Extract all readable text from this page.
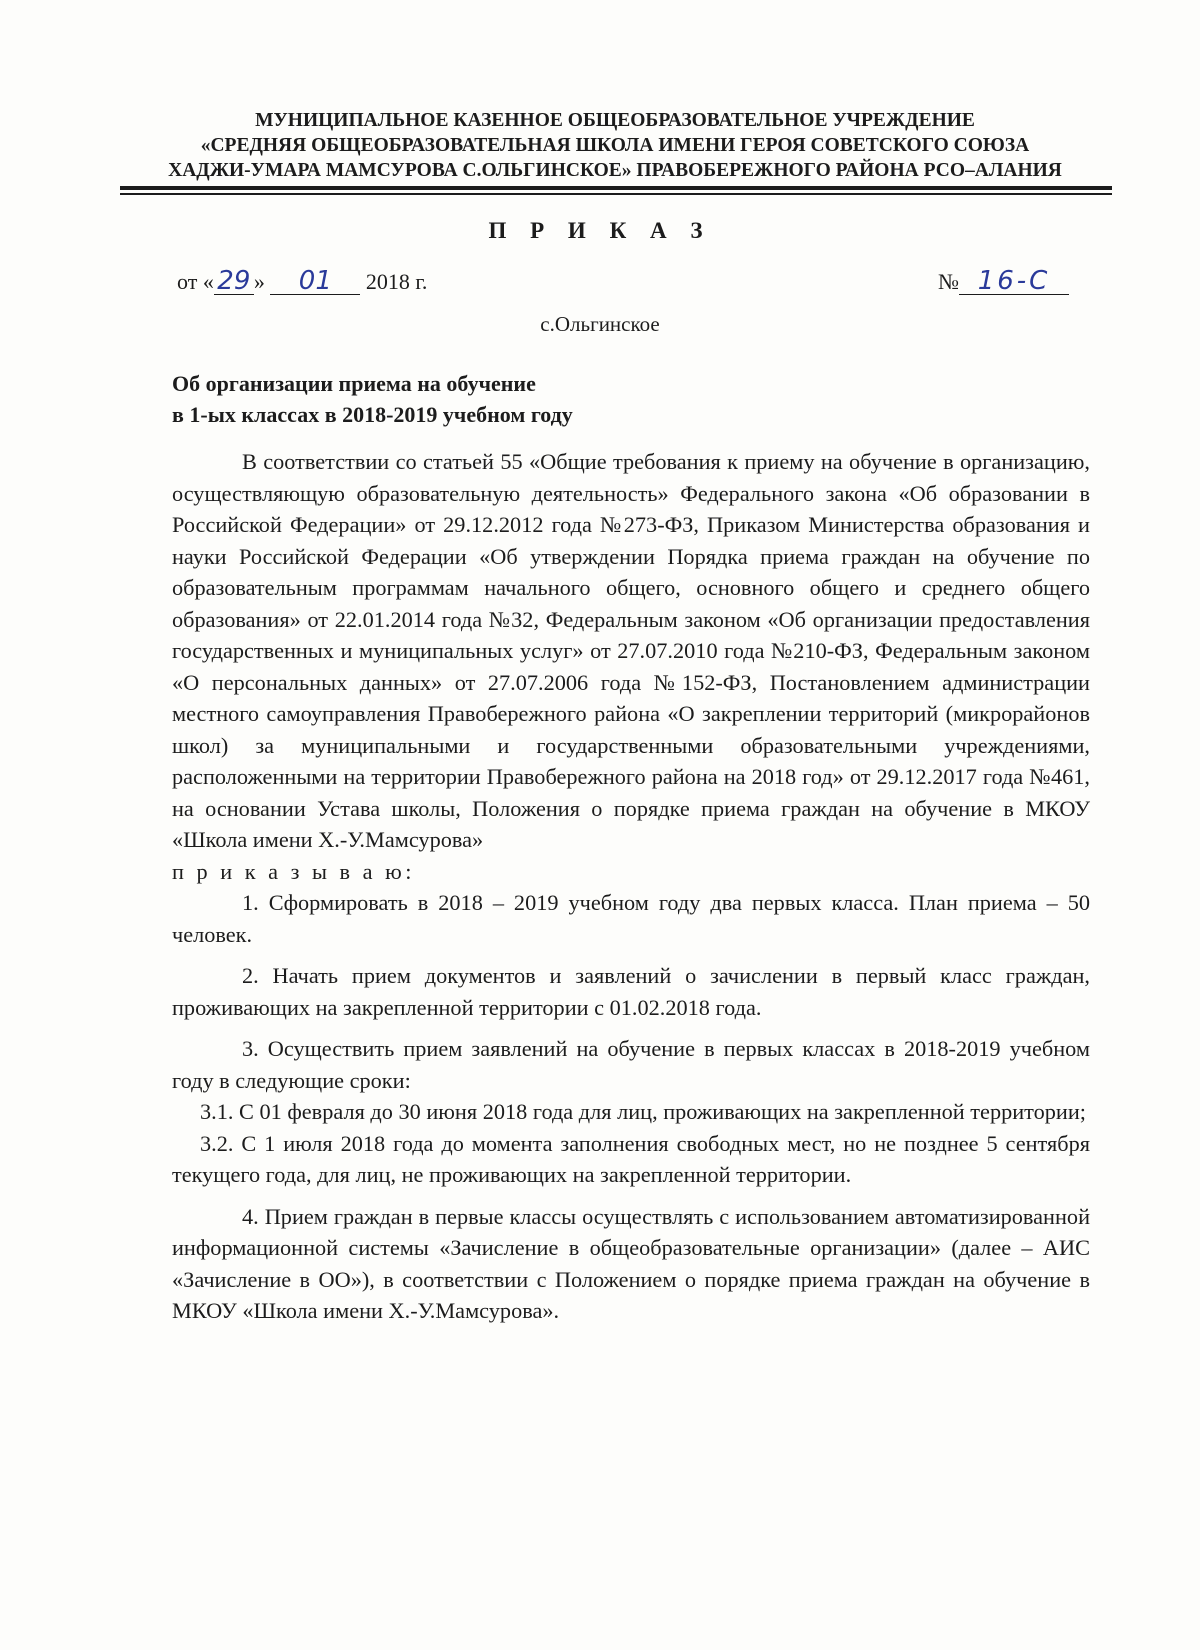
МУНИЦИПАЛЬНОЕ КАЗЕННОЕ ОБЩЕОБРАЗОВАТЕЛЬНОЕ УЧРЕЖДЕНИЕ
«СРЕДНЯЯ ОБЩЕОБРАЗОВАТЕЛЬНАЯ ШКОЛА ИМЕНИ ГЕРОЯ СОВЕТСКОГО СОЮЗА
ХАДЖИ-УМАРА МАМСУРОВА С.ОЛЬГИНСКОЕ» ПРАВОБЕРЕЖНОГО РАЙОНА РСО–АЛАНИЯ
П Р И К А З
от « 29 » 01 2018 г.	№ 16-С
с.Ольгинское
Об организации приема на обучение
в 1-ых классах в 2018-2019 учебном году

В соответствии со статьей 55 «Общие требования к приему на обучение в организацию, осуществляющую образовательную деятельность» Федерального закона «Об образовании в Российской Федерации» от 29.12.2012 года №273-ФЗ, Приказом Министерства образования и науки Российской Федерации «Об утверждении Порядка приема граждан на обучение по образовательным программам начального общего, основного общего и среднего общего образования» от 22.01.2014 года №32, Федеральным законом «Об организации предоставления государственных и муниципальных услуг» от 27.07.2010 года №210-ФЗ, Федеральным законом «О персональных данных» от 27.07.2006 года №152-ФЗ, Постановлением администрации местного самоуправления Правобережного района «О закреплении территорий (микрорайонов школ) за муниципальными и государственными образовательными учреждениями, расположенными на территории Правобережного района на 2018 год» от 29.12.2017 года №461, на основании Устава школы, Положения о порядке приема граждан на обучение в МКОУ «Школа имени Х.-У.Мамсурова»

п р и к а з ы в а ю:

1. Сформировать в 2018 – 2019 учебном году два первых класса. План приема – 50 человек.

2. Начать прием документов и заявлений о зачислении в первый класс граждан, проживающих на закрепленной территории с 01.02.2018 года.

3. Осуществить прием заявлений на обучение в первых классах в 2018-2019 учебном году в следующие сроки:

3.1. С 01 февраля до 30 июня 2018 года для лиц, проживающих на закрепленной территории;

3.2. С 1 июля 2018 года до момента заполнения свободных мест, но не позднее 5 сентября текущего года, для лиц, не проживающих на закрепленной территории.

4. Прием граждан в первые классы осуществлять с использованием автоматизированной информационной системы «Зачисление в общеобразовательные организации» (далее – АИС «Зачисление в ОО»), в соответствии с Положением о порядке приема граждан на обучение в МКОУ «Школа имени Х.-У.Мамсурова».
